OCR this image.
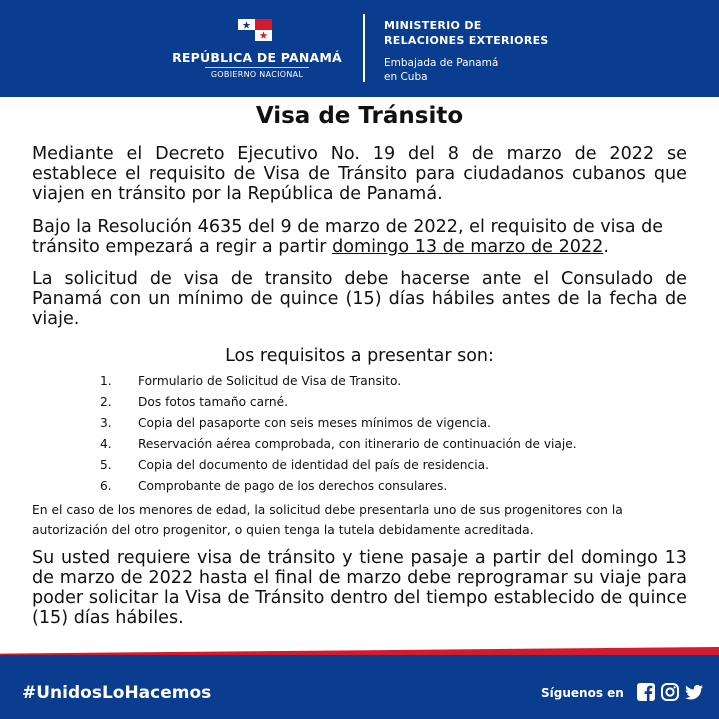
REPÚBLICA DE PANAMÁ
GOBIERNO NACIONAL
MINISTERIO DE
RELACIONES EXTERIORES
Embajada de Panamá
en Cuba
Visa de Tránsito

Mediante el Decreto Ejecutivo No. 19 del 8 de marzo de 2022 se establece el requisito de Visa de Tránsito para ciudadanos cubanos que viajen en tránsito por la República de Panamá.

Bajo la Resolución 4635 del 9 de marzo de 2022, el requisito de visa de tránsito empezará a regir a partir domingo 13 de marzo de 2022.

La solicitud de visa de transito debe hacerse ante el Consulado de Panamá con un mínimo de quince (15) días hábiles antes de la fecha de viaje.

Los requisitos a presentar son:
1.	Formulario de Solicitud de Visa de Transito.
2.	Dos fotos tamaño carné.
3.	Copia del pasaporte con seis meses mínimos de vigencia.
4.	Reservación aérea comprobada, con itinerario de continuación de viaje.
5.	Copia del documento de identidad del país de residencia.
6.	Comprobante de pago de los derechos consulares.

En el caso de los menores de edad, la solicitud debe presentarla uno de sus progenitores con la autorización del otro progenitor, o quien tenga la tutela debidamente acreditada.

Su usted requiere visa de tránsito y tiene pasaje a partir del domingo 13 de marzo de 2022 hasta el final de marzo debe reprogramar su viaje para poder solicitar la Visa de Tránsito dentro del tiempo establecido de quince (15) días hábiles.

#UnidosLoHacemos	Síguenos en
